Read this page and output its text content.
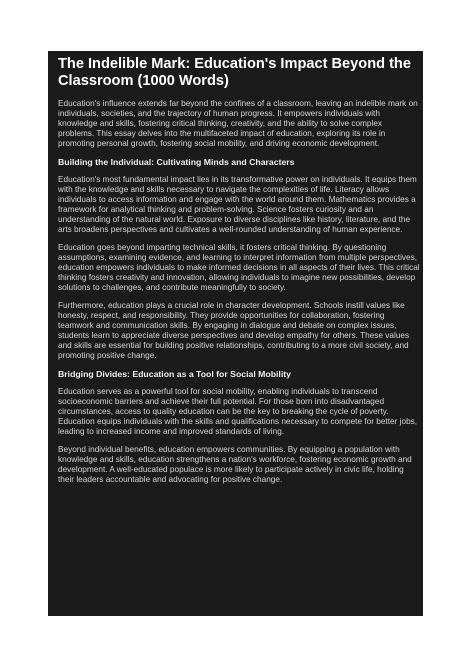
The Indelible Mark: Education's Impact Beyond the Classroom (1000 Words)

Education's influence extends far beyond the confines of a classroom, leaving an indelible mark on individuals, societies, and the trajectory of human progress. It empowers individuals with knowledge and skills, fostering critical thinking, creativity, and the ability to solve complex problems. This essay delves into the multifaceted impact of education, exploring its role in promoting personal growth, fostering social mobility, and driving economic development.

Building the Individual: Cultivating Minds and Characters

Education's most fundamental impact lies in its transformative power on individuals. It equips them with the knowledge and skills necessary to navigate the complexities of life. Literacy allows individuals to access information and engage with the world around them. Mathematics provides a framework for analytical thinking and problem-solving. Science fosters curiosity and an understanding of the natural world. Exposure to diverse disciplines like history, literature, and the arts broadens perspectives and cultivates a well-rounded understanding of human experience.

Education goes beyond imparting technical skills, it fosters critical thinking. By questioning assumptions, examining evidence, and learning to interpret information from multiple perspectives, education empowers individuals to make informed decisions in all aspects of their lives. This critical thinking fosters creativity and innovation, allowing individuals to imagine new possibilities, develop solutions to challenges, and contribute meaningfully to society.

Furthermore, education plays a crucial role in character development. Schools instill values like honesty, respect, and responsibility. They provide opportunities for collaboration, fostering teamwork and communication skills. By engaging in dialogue and debate on complex issues, students learn to appreciate diverse perspectives and develop empathy for others. These values and skills are essential for building positive relationships, contributing to a more civil society, and promoting positive change.

Bridging Divides: Education as a Tool for Social Mobility

Education serves as a powerful tool for social mobility, enabling individuals to transcend socioeconomic barriers and achieve their full potential. For those born into disadvantaged circumstances, access to quality education can be the key to breaking the cycle of poverty. Education equips individuals with the skills and qualifications necessary to compete for better jobs, leading to increased income and improved standards of living.

Beyond individual benefits, education empowers communities. By equipping a population with knowledge and skills, education strengthens a nation's workforce, fostering economic growth and development. A well-educated populace is more likely to participate actively in civic life, holding their leaders accountable and advocating for positive change.
